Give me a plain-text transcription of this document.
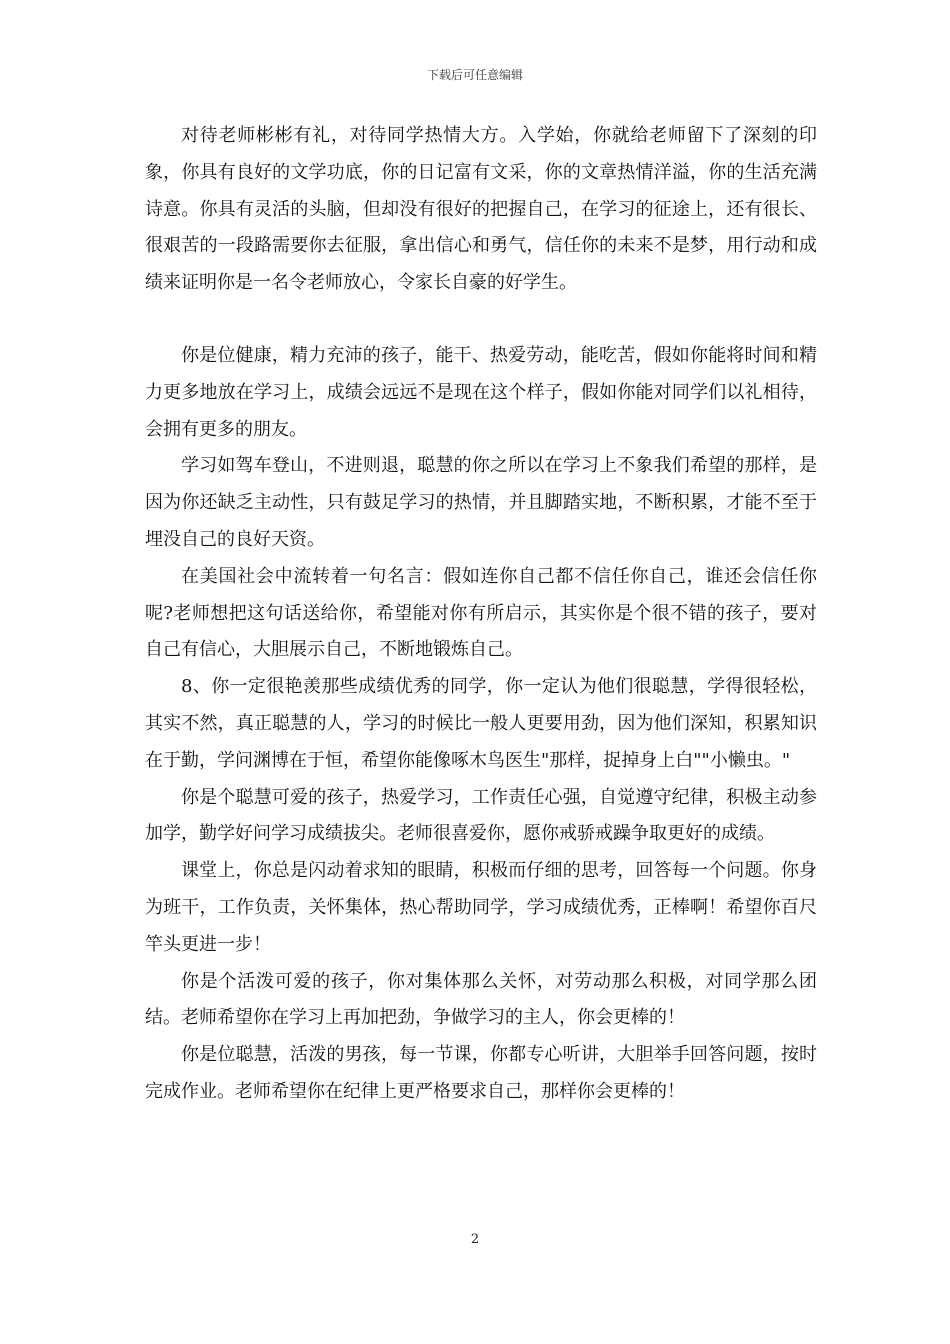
下载后可任意编辑

对待老师彬彬有礼，对待同学热情大方。入学始，你就给老师留下了深刻的印象，你具有良好的文学功底，你的日记富有文采，你的文章热情洋溢，你的生活充满诗意。你具有灵活的头脑，但却没有很好的把握自己，在学习的征途上，还有很长、很艰苦的一段路需要你去征服，拿出信心和勇气，信任你的未来不是梦，用行动和成绩来证明你是一名令老师放心，令家长自豪的好学生。

你是位健康，精力充沛的孩子，能干、热爱劳动，能吃苦，假如你能将时间和精力更多地放在学习上，成绩会远远不是现在这个样子，假如你能对同学们以礼相待，会拥有更多的朋友。

学习如驾车登山，不进则退，聪慧的你之所以在学习上不象我们希望的那样，是因为你还缺乏主动性，只有鼓足学习的热情，并且脚踏实地，不断积累，才能不至于埋没自己的良好天资。

在美国社会中流转着一句名言：假如连你自己都不信任你自己，谁还会信任你呢?老师想把这句话送给你，希望能对你有所启示，其实你是个很不错的孩子，要对自己有信心，大胆展示自己，不断地锻炼自己。

8、你一定很艳羡那些成绩优秀的同学，你一定认为他们很聪慧，学得很轻松，其实不然，真正聪慧的人，学习的时候比一般人更要用劲，因为他们深知，积累知识在于勤，学问渊博在于恒，希望你能像啄木鸟医生"那样，捉掉身上白""小懒虫。"

你是个聪慧可爱的孩子，热爱学习，工作责任心强，自觉遵守纪律，积极主动参加学，勤学好问学习成绩拔尖。老师很喜爱你，愿你戒骄戒躁争取更好的成绩。

课堂上，你总是闪动着求知的眼睛，积极而仔细的思考，回答每一个问题。你身为班干，工作负责，关怀集体，热心帮助同学，学习成绩优秀，正棒啊！希望你百尺竿头更进一步！

你是个活泼可爱的孩子，你对集体那么关怀，对劳动那么积极，对同学那么团结。老师希望你在学习上再加把劲，争做学习的主人，你会更棒的！

你是位聪慧，活泼的男孩，每一节课，你都专心听讲，大胆举手回答问题，按时完成作业。老师希望你在纪律上更严格要求自己，那样你会更棒的！

2
